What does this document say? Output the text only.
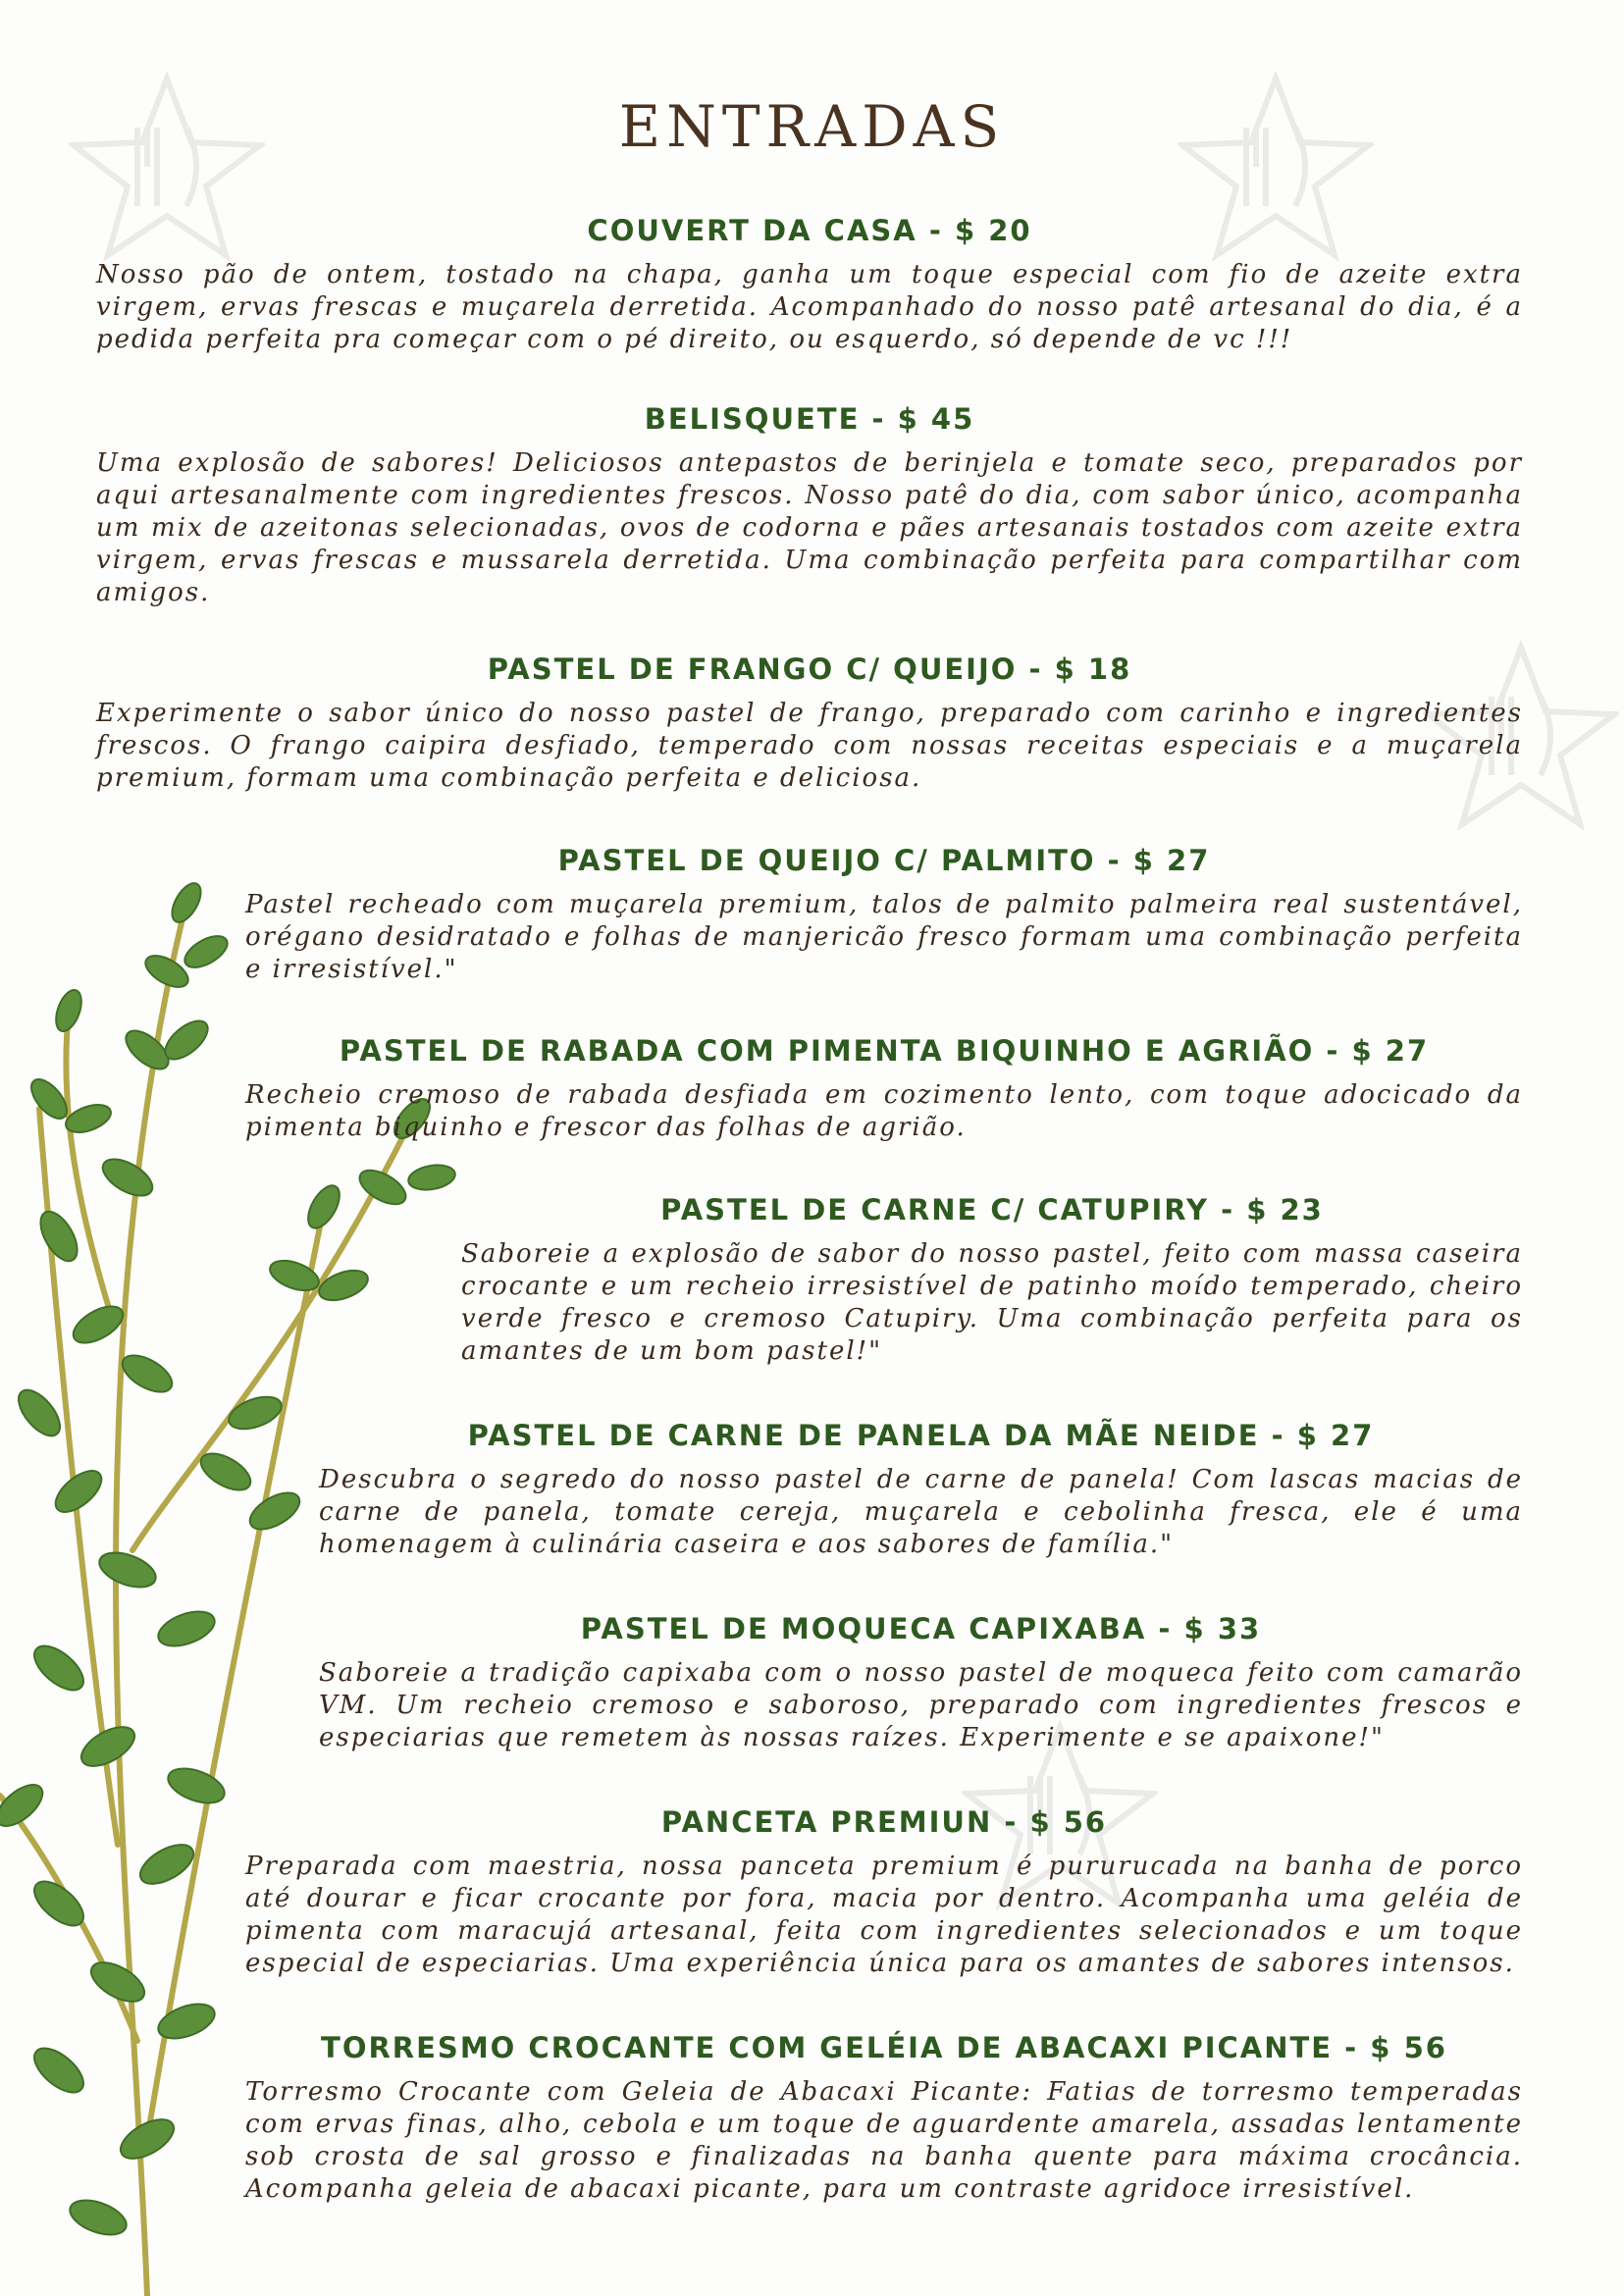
ENTRADAS
COUVERT DA CASA - $ 20

Nosso pão de ontem, tostado na chapa, ganha um toque especial com fio de azeite extra virgem, ervas frescas e muçarela derretida. Acompanhado do nosso patê artesanal do dia, é a pedida perfeita pra começar com o pé direito, ou esquerdo, só depende de vc !!!

BELISQUETE - $ 45

Uma explosão de sabores! Deliciosos antepastos de berinjela e tomate seco, preparados por aqui artesanalmente com ingredientes frescos. Nosso patê do dia, com sabor único, acompanha um mix de azeitonas selecionadas, ovos de codorna e pães artesanais tostados com azeite extra virgem, ervas frescas e mussarela derretida. Uma combinação perfeita para compartilhar com amigos.

PASTEL DE FRANGO C/ QUEIJO - $ 18

Experimente o sabor único do nosso pastel de frango, preparado com carinho e ingredientes frescos. O frango caipira desfiado, temperado com nossas receitas especiais e a muçarela premium, formam uma combinação perfeita e deliciosa.

PASTEL DE QUEIJO C/ PALMITO - $ 27

Pastel recheado com muçarela premium, talos de palmito palmeira real sustentável, orégano desidratado e folhas de manjericão fresco formam uma combinação perfeita e irresistível."

PASTEL DE RABADA COM PIMENTA BIQUINHO E AGRIÃO - $ 27

Recheio cremoso de rabada desfiada em cozimento lento, com toque adocicado da pimenta biquinho e frescor das folhas de agrião.

PASTEL DE CARNE C/ CATUPIRY - $ 23

Saboreie a explosão de sabor do nosso pastel, feito com massa caseira crocante e um recheio irresistível de patinho moído temperado, cheiro verde fresco e cremoso Catupiry. Uma combinação perfeita para os amantes de um bom pastel!"

PASTEL DE CARNE DE PANELA DA MÃE NEIDE - $ 27

Descubra o segredo do nosso pastel de carne de panela! Com lascas macias de carne de panela, tomate cereja, muçarela e cebolinha fresca, ele é uma homenagem à culinária caseira e aos sabores de família."

PASTEL DE MOQUECA CAPIXABA - $ 33

Saboreie a tradição capixaba com o nosso pastel de moqueca feito com camarão VM. Um recheio cremoso e saboroso, preparado com ingredientes frescos e especiarias que remetem às nossas raízes. Experimente e se apaixone!"

PANCETA PREMIUN - $ 56

Preparada com maestria, nossa panceta premium é pururucada na banha de porco até dourar e ficar crocante por fora, macia por dentro. Acompanha uma geléia de pimenta com maracujá artesanal, feita com ingredientes selecionados e um toque especial de especiarias. Uma experiência única para os amantes de sabores intensos.

TORRESMO CROCANTE COM GELÉIA DE ABACAXI PICANTE - $ 56

Torresmo Crocante com Geleia de Abacaxi Picante: Fatias de torresmo temperadas com ervas finas, alho, cebola e um toque de aguardente amarela, assadas lentamente sob crosta de sal grosso e finalizadas na banha quente para máxima crocância. Acompanha geleia de abacaxi picante, para um contraste agridoce irresistível.
